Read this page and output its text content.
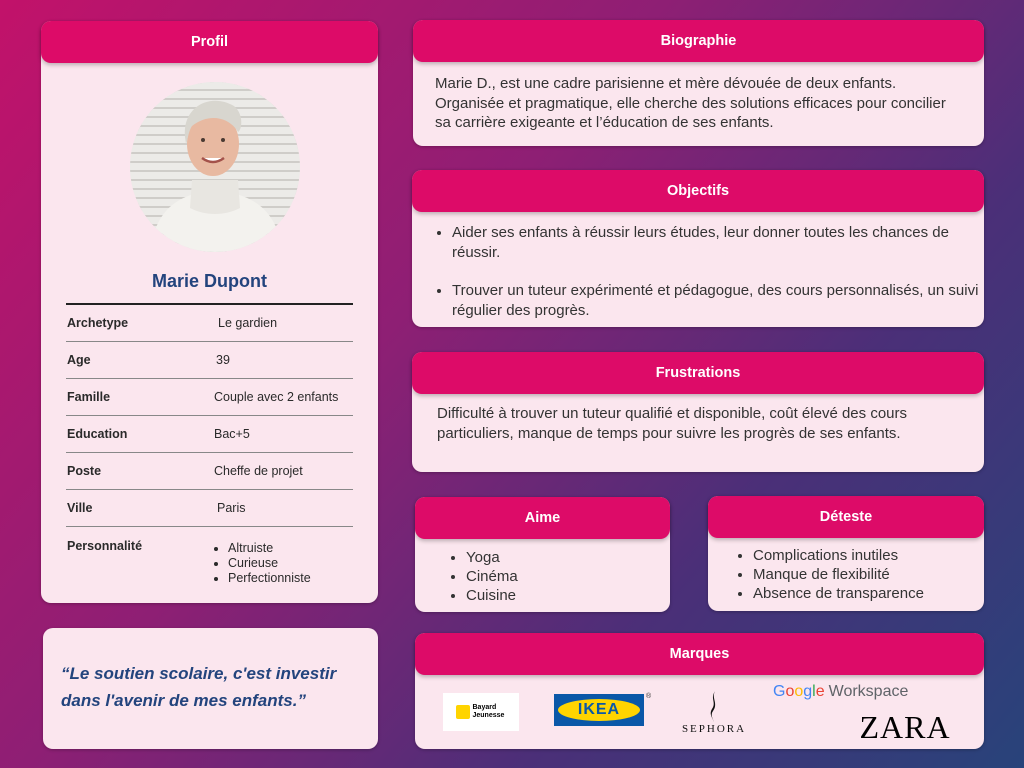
Profil
Marie Dupont
Archetype	Le gardien
Age	39
Famille	Couple avec 2 enfants
Education	Bac+5
Poste	Cheffe de projet
Ville	Paris
Personnalité
•	Altruiste
• Curieuse
• Perfectionniste
“Le soutien scolaire, c'est investir dans l'avenir de mes enfants.”
Biographie
Marie D., est une cadre parisienne et mère dévouée de deux enfants. Organisée et pragmatique, elle cherche des solutions efficaces pour concilier sa carrière exigeante et l’éducation de ses enfants.
Objectifs
• Aider ses enfants à réussir leurs études, leur donner toutes les chances de réussir.
• Trouver un tuteur expérimenté et pédagogue, des cours personnalisés, un suivi régulier des progrès.
Frustrations
Difficulté à trouver un tuteur qualifié et disponible, coût élevé des cours particuliers, manque de temps pour suivre les progrès de ses enfants.
Aime
• Yoga
• Cinéma
• Cuisine
Déteste
• Complications inutiles
• Manque de flexibilité
• Absence de transparence
Marques
Bayard Jeunesse	IKEA
®
SEPHORA
Google Workspace
ZARA
